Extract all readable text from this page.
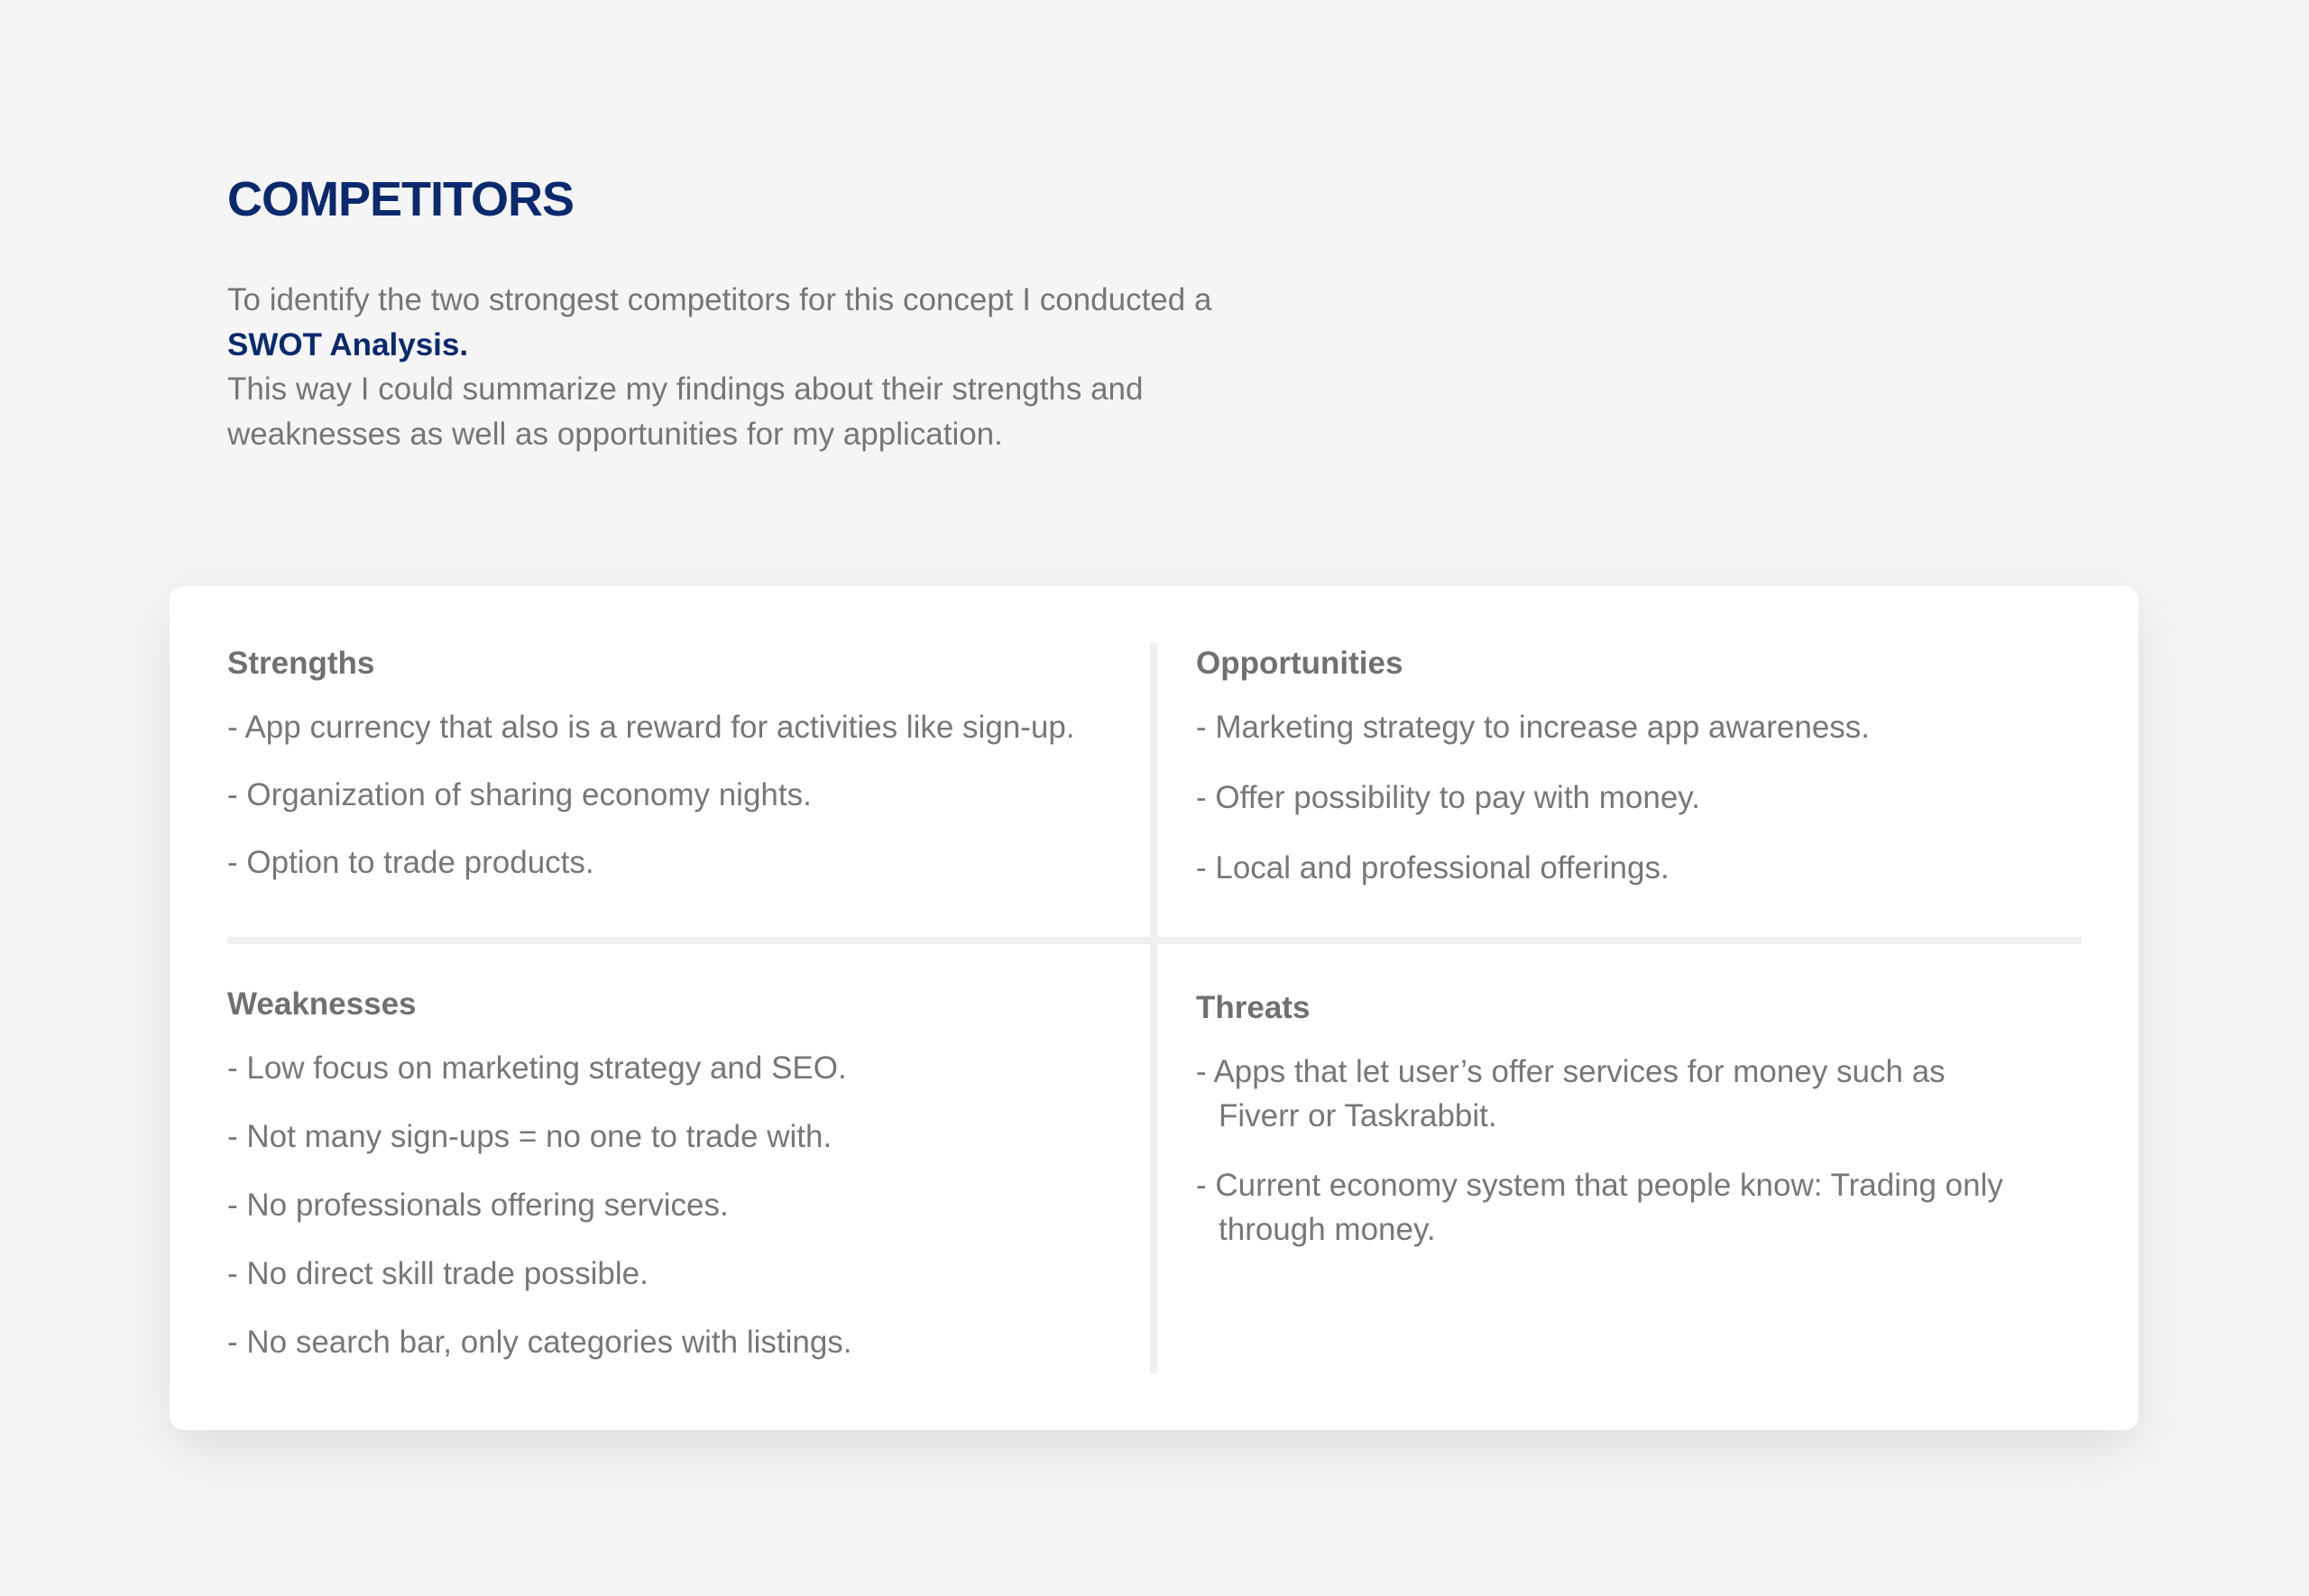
COMPETITORS

To identify the two strongest competitors for this concept I conducted a SWOT Analysis.
This way I could summarize my findings about their strengths and weaknesses as well as opportunities for my application.

Strengths
- App currency that also is a reward for activities like sign-up.
- Organization of sharing economy nights.
- Option to trade products.
Opportunities
- Marketing strategy to increase app awareness.
- Offer possibility to pay with money.
- Local and professional offerings.
Weaknesses
- Low focus on marketing strategy and SEO.
- Not many sign-ups = no one to trade with.
- No professionals offering services.
- No direct skill trade possible.
- No search bar, only categories with listings.
Threats
- Apps that let user’s offer services for money such as Fiverr or Taskrabbit.
- Current economy system that people know: Trading only through money.
